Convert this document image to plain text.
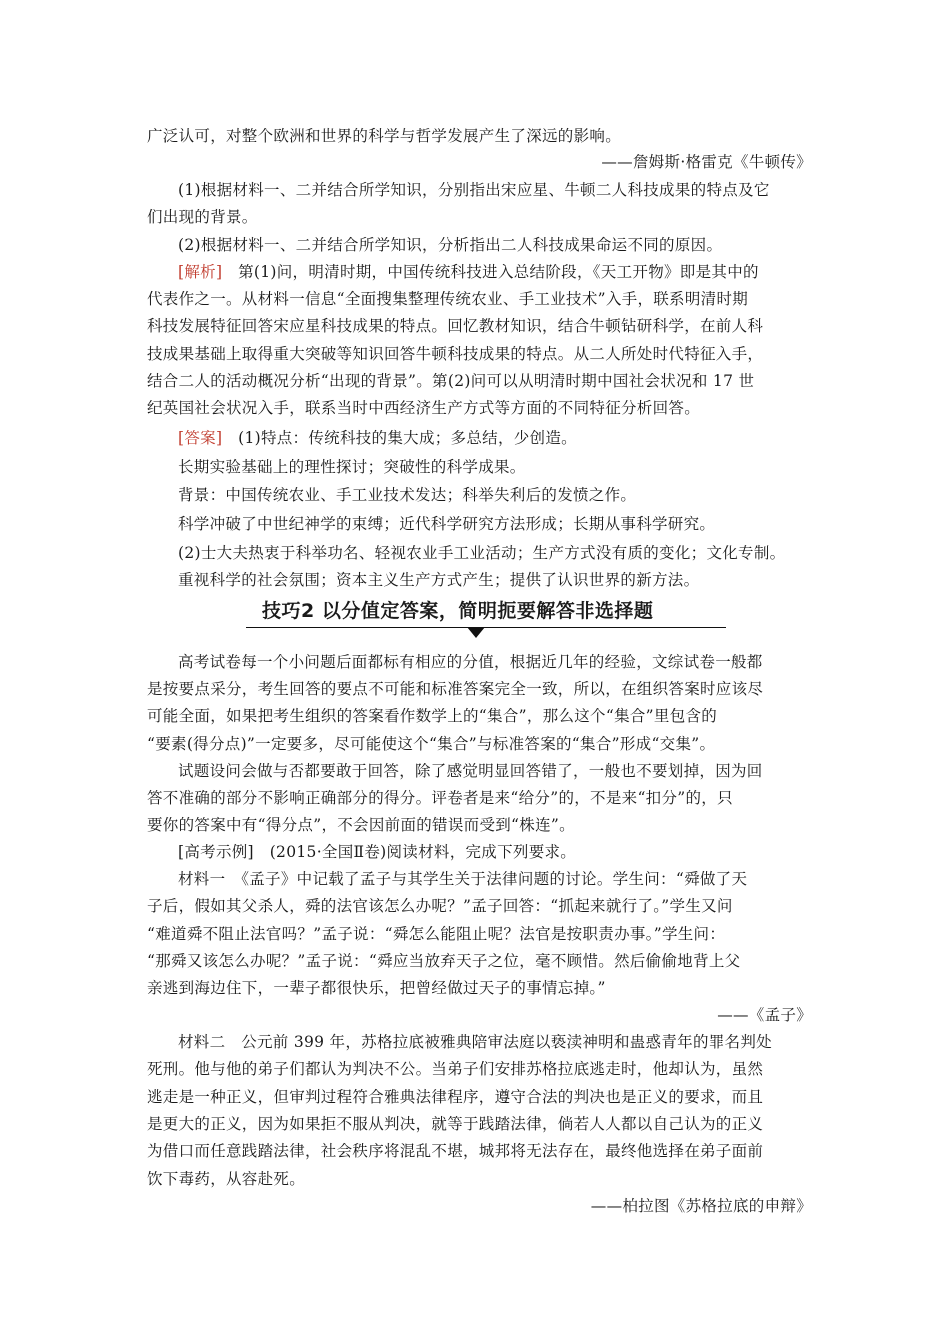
广泛认可，对整个欧洲和世界的科学与哲学发展产生了深远的影响。
——詹姆斯·格雷克《牛顿传》
(1)根据材料一、二并结合所学知识，分别指出宋应星、牛顿二人科技成果的特点及它
们出现的背景。
(2)根据材料一、二并结合所学知识，分析指出二人科技成果命运不同的原因。
[解析]　第(1)问，明清时期，中国传统科技进入总结阶段，《天工开物》即是其中的
代表作之一。从材料一信息“全面搜集整理传统农业、手工业技术”入手，联系明清时期
科技发展特征回答宋应星科技成果的特点。回忆教材知识，结合牛顿钻研科学，在前人科
技成果基础上取得重大突破等知识回答牛顿科技成果的特点。从二人所处时代特征入手，
结合二人的活动概况分析“出现的背景”。第(2)问可以从明清时期中国社会状况和 17 世
纪英国社会状况入手，联系当时中西经济生产方式等方面的不同特征分析回答。
[答案]　(1)特点：传统科技的集大成；多总结，少创造。
长期实验基础上的理性探讨；突破性的科学成果。
背景：中国传统农业、手工业技术发达；科举失利后的发愤之作。
科学冲破了中世纪神学的束缚；近代科学研究方法形成；长期从事科学研究。
(2)士大夫热衷于科举功名、轻视农业手工业活动；生产方式没有质的变化；文化专制。
重视科学的社会氛围；资本主义生产方式产生；提供了认识世界的新方法。
技巧2 以分值定答案，简明扼要解答非选择题
高考试卷每一个小问题后面都标有相应的分值，根据近几年的经验，文综试卷一般都
是按要点采分，考生回答的要点不可能和标准答案完全一致，所以，在组织答案时应该尽
可能全面，如果把考生组织的答案看作数学上的“集合”，那么这个“集合”里包含的
“要素(得分点)”一定要多，尽可能使这个“集合”与标准答案的“集合”形成“交集”。
试题设问会做与否都要敢于回答，除了感觉明显回答错了，一般也不要划掉，因为回
答不准确的部分不影响正确部分的得分。评卷者是来“给分”的，不是来“扣分”的，只
要你的答案中有“得分点”，不会因前面的错误而受到“株连”。
[高考示例]　(2015·全国Ⅱ卷)阅读材料，完成下列要求。
材料一　《孟子》中记载了孟子与其学生关于法律问题的讨论。学生问：“舜做了天
子后，假如其父杀人，舜的法官该怎么办呢？”孟子回答：“抓起来就行了。”学生又问
“难道舜不阻止法官吗？”孟子说：“舜怎么能阻止呢？法官是按职责办事。”学生问：
“那舜又该怎么办呢？”孟子说：“舜应当放弃天子之位，毫不顾惜。然后偷偷地背上父
亲逃到海边住下，一辈子都很快乐，把曾经做过天子的事情忘掉。”
——《孟子》
材料二　公元前 399 年，苏格拉底被雅典陪审法庭以亵渎神明和蛊惑青年的罪名判处
死刑。他与他的弟子们都认为判决不公。当弟子们安排苏格拉底逃走时，他却认为，虽然
逃走是一种正义，但审判过程符合雅典法律程序，遵守合法的判决也是正义的要求，而且
是更大的正义，因为如果拒不服从判决，就等于践踏法律，倘若人人都以自己认为的正义
为借口而任意践踏法律，社会秩序将混乱不堪，城邦将无法存在，最终他选择在弟子面前
饮下毒药，从容赴死。
——柏拉图《苏格拉底的申辩》
